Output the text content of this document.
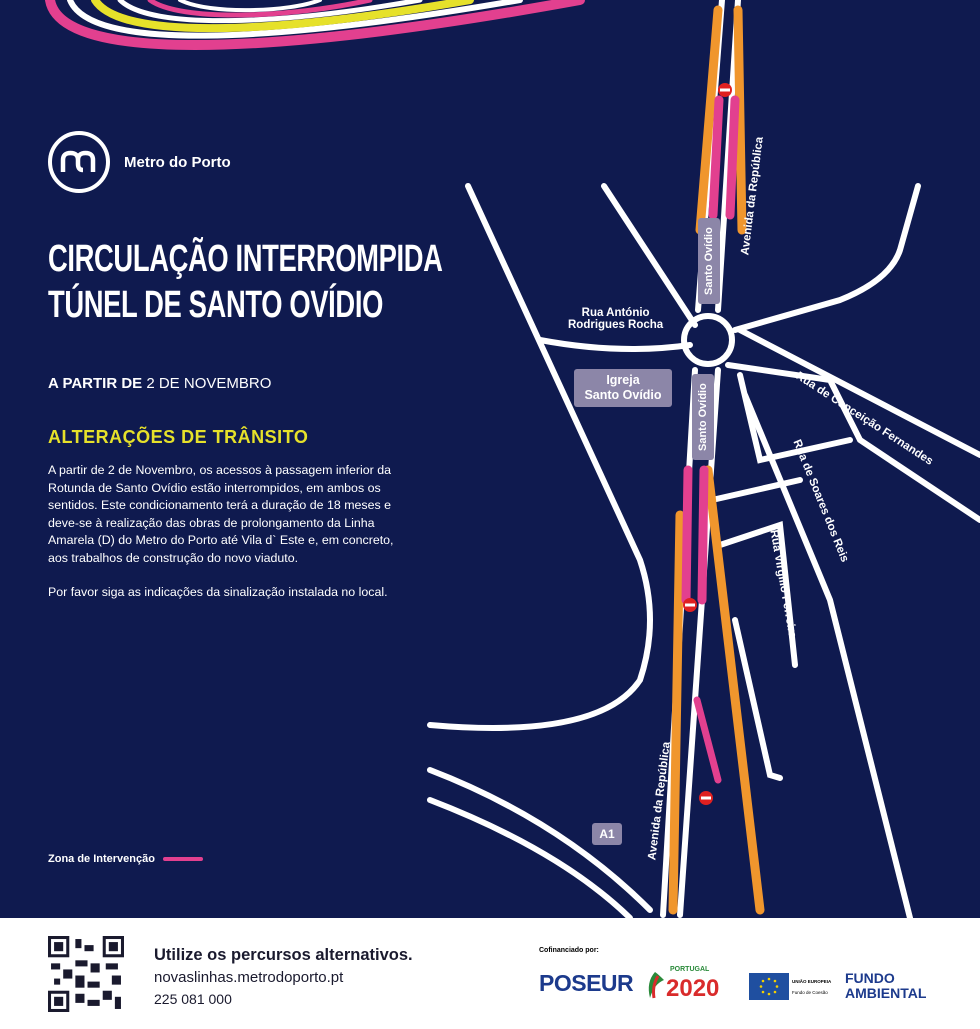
Santo Ovídio
Santo Ovídio
Igreja
Santo Ovídio
A1
Avenida da República
Avenida da República
Rua António
Rodrigues Rocha
Rua de Conceição Fernandes
Rua de Soares dos Reis
Rua Virgílio Ferreira
Metro do Porto
CIRCULAÇÃO INTERROMPIDA
TÚNEL DE SANTO OVÍDIO
A PARTIR DE 2 DE NOVEMBRO
ALTERAÇÕES DE TRÂNSITO

A partir de 2 de Novembro, os acessos à passagem inferior da Rotunda de Santo Ovídio estão interrompidos, em ambos os sentidos. Este condicionamento terá a duração de 18 meses e deve-se à realização das obras de prolongamento da Linha Amarela (D) do Metro do Porto até Vila d` Este e, em concreto, aos trabalhos de construção do novo viaduto.

Por favor siga as indicações da sinalização instalada no local.

Zona de Intervenção
Utilize os percursos alternativos.
novaslinhas.metrodoporto.pt
225 081 000
Cofinanciado por:
POSEUR
PORTUGAL
2020	UNIÃO EUROPEIA
Fundo de Coesão
FUNDO
AMBIENTAL
